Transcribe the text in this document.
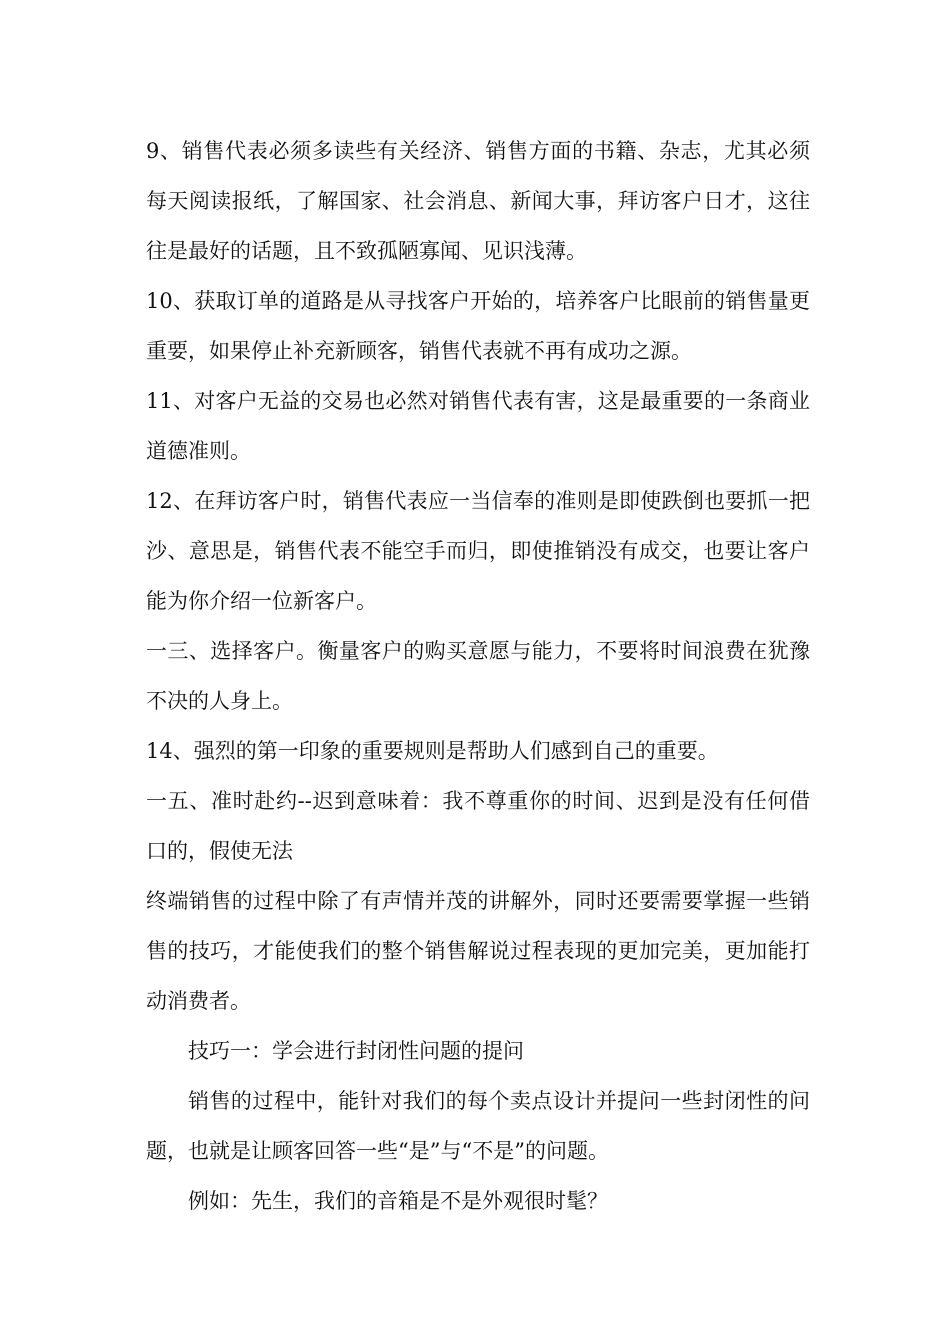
9、销售代表必须多读些有关经济、销售方面的书籍、杂志，尤其必须每天阅读报纸，了解国家、社会消息、新闻大事，拜访客户日才，这往往是最好的话题，且不致孤陋寡闻、见识浅薄。

10、获取订单的道路是从寻找客户开始的，培养客户比眼前的销售量更重要，如果停止补充新顾客，销售代表就不再有成功之源。

11、对客户无益的交易也必然对销售代表有害，这是最重要的一条商业道德准则。

12、在拜访客户时，销售代表应一当信奉的准则是即使跌倒也要抓一把沙、意思是，销售代表不能空手而归，即使推销没有成交，也要让客户能为你介绍一位新客户。

一三、选择客户。衡量客户的购买意愿与能力，不要将时间浪费在犹豫不决的人身上。

14、强烈的第一印象的重要规则是帮助人们感到自己的重要。

一五、准时赴约--迟到意味着：我不尊重你的时间、迟到是没有任何借口的，假使无法

终端销售的过程中除了有声情并茂的讲解外，同时还要需要掌握一些销售的技巧，才能使我们的整个销售解说过程表现的更加完美，更加能打动消费者。

技巧一：学会进行封闭性问题的提问

销售的过程中，能针对我们的每个卖点设计并提问一些封闭性的问题，也就是让顾客回答一些“是”与“不是”的问题。

例如：先生，我们的音箱是不是外观很时髦？
